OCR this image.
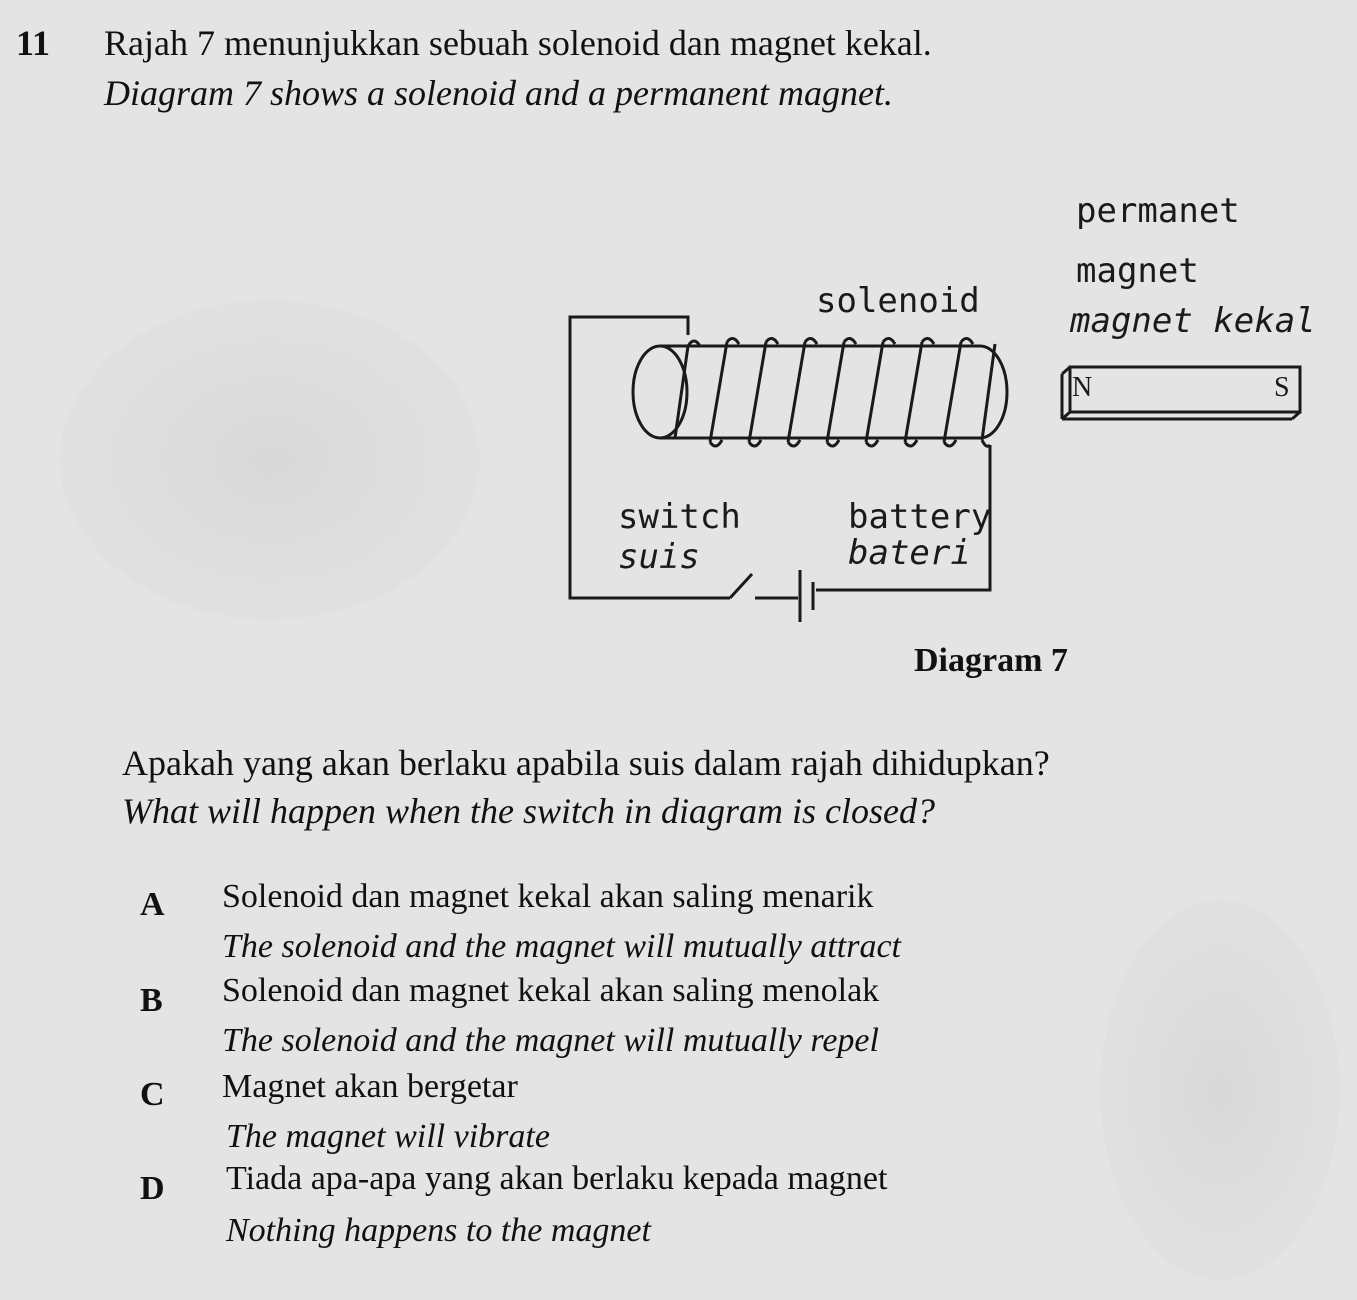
11 Rajah 7 menunjukkan sebuah solenoid dan magnet kekal.
Diagram 7 shows a solenoid and a permanent magnet.
permanet
magnet
magnet kekal
solenoid
switch
suis
battery
bateri
N	S
Diagram 7
Apakah yang akan berlaku apabila suis dalam rajah dihidupkan?
What will happen when the switch in diagram is closed?
A Solenoid dan magnet kekal akan saling menarik
The solenoid and the magnet will mutually attract
B Solenoid dan magnet kekal akan saling menolak
The solenoid and the magnet will mutually repel
C Magnet akan bergetar
The magnet will vibrate
D Tiada apa-apa yang akan berlaku kepada magnet
Nothing happens to the magnet
